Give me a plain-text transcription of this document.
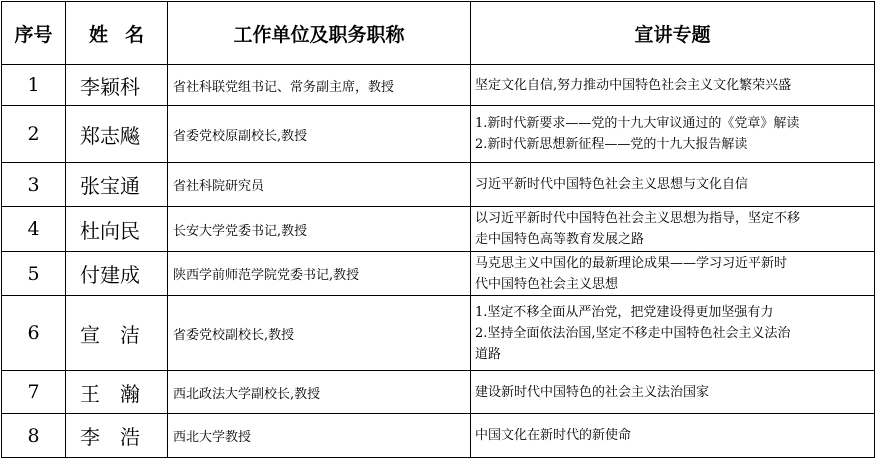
序号	姓名	工作单位及职务职称	宣讲专题
1	李颖科	省社科联党组书记、常务副主席，教授	坚定文化自信,努力推动中国特色社会主义文化繁荣兴盛

2	郑志飚	省委党校原副校长,教授	1.新时代新要求——党的十九大审议通过的《党章》解读
2.新时代新思想新征程——党的十九大报告解读

3	张宝通	省社科院研究员	习近平新时代中国特色社会主义思想与文化自信

4	杜向民	长安大学党委书记,教授	以习近平新时代中国特色社会主义思想为指导，坚定不移
走中国特色高等教育发展之路

5	付建成	陕西学前师范学院党委书记,教授	马克思主义中国化的最新理论成果——学习习近平新时
代中国特色社会主义思想

6	宣　洁	省委党校副校长,教授	1.坚定不移全面从严治党，把党建设得更加坚强有力
2.坚持全面依法治国,坚定不移走中国特色社会主义法治
道路

7	王　瀚	西北政法大学副校长,教授	建设新时代中国特色的社会主义法治国家

8	李　浩	西北大学教授	中国文化在新时代的新使命
